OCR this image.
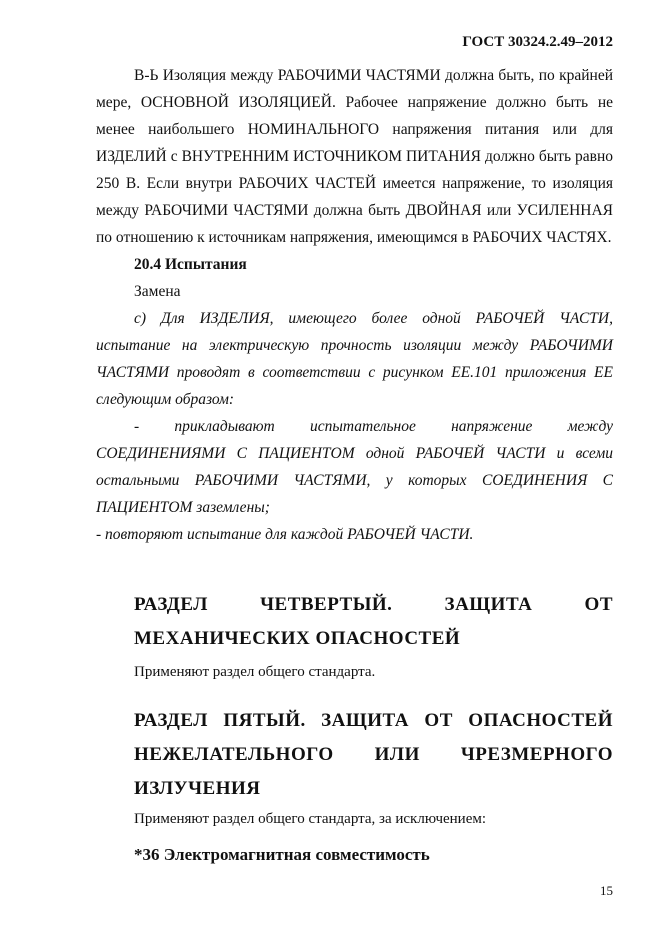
ГОСТ 30324.2.49–2012

В-Ь Изоляция между РАБОЧИМИ ЧАСТЯМИ должна быть, по крайней мере, ОСНОВНОЙ ИЗОЛЯЦИЕЙ. Рабочее напряжение должно быть не менее наибольшего НОМИНАЛЬНОГО напряжения питания или для ИЗДЕЛИЙ с ВНУТРЕННИМ ИСТОЧНИКОМ ПИТАНИЯ должно быть равно 250 В. Если внутри РАБОЧИХ ЧАСТЕЙ имеется напряжение, то изоляция между РАБОЧИМИ ЧАСТЯМИ должна быть ДВОЙНАЯ или УСИЛЕННАЯ по отношению к источникам напряжения, имеющимся в РАБОЧИХ ЧАСТЯХ.

20.4 Испытания

Замена

c) Для ИЗДЕЛИЯ, имеющего более одной РАБОЧЕЙ ЧАСТИ, испытание на электрическую прочность изоляции между РАБОЧИМИ ЧАСТЯМИ проводят в соответствии с рисунком ЕЕ.101 приложения ЕЕ следующим образом:

- прикладывают испытательное напряжение между СОЕДИНЕНИЯМИ С ПАЦИЕНТОМ одной РАБОЧЕЙ ЧАСТИ и всеми остальными РАБОЧИМИ ЧАСТЯМИ, у которых СОЕДИНЕНИЯ С ПАЦИЕНТОМ заземлены;

- повторяют испытание для каждой РАБОЧЕЙ ЧАСТИ.

РАЗДЕЛ ЧЕТВЕРТЫЙ. ЗАЩИТА ОТ МЕХАНИЧЕСКИХ ОПАСНОСТЕЙ
Применяют раздел общего стандарта.
РАЗДЕЛ ПЯТЫЙ. ЗАЩИТА ОТ ОПАСНОСТЕЙ НЕЖЕЛАТЕЛЬНОГО ИЛИ ЧРЕЗМЕРНОГО ИЗЛУЧЕНИЯ
Применяют раздел общего стандарта, за исключением:
*36 Электромагнитная совместимость
15
